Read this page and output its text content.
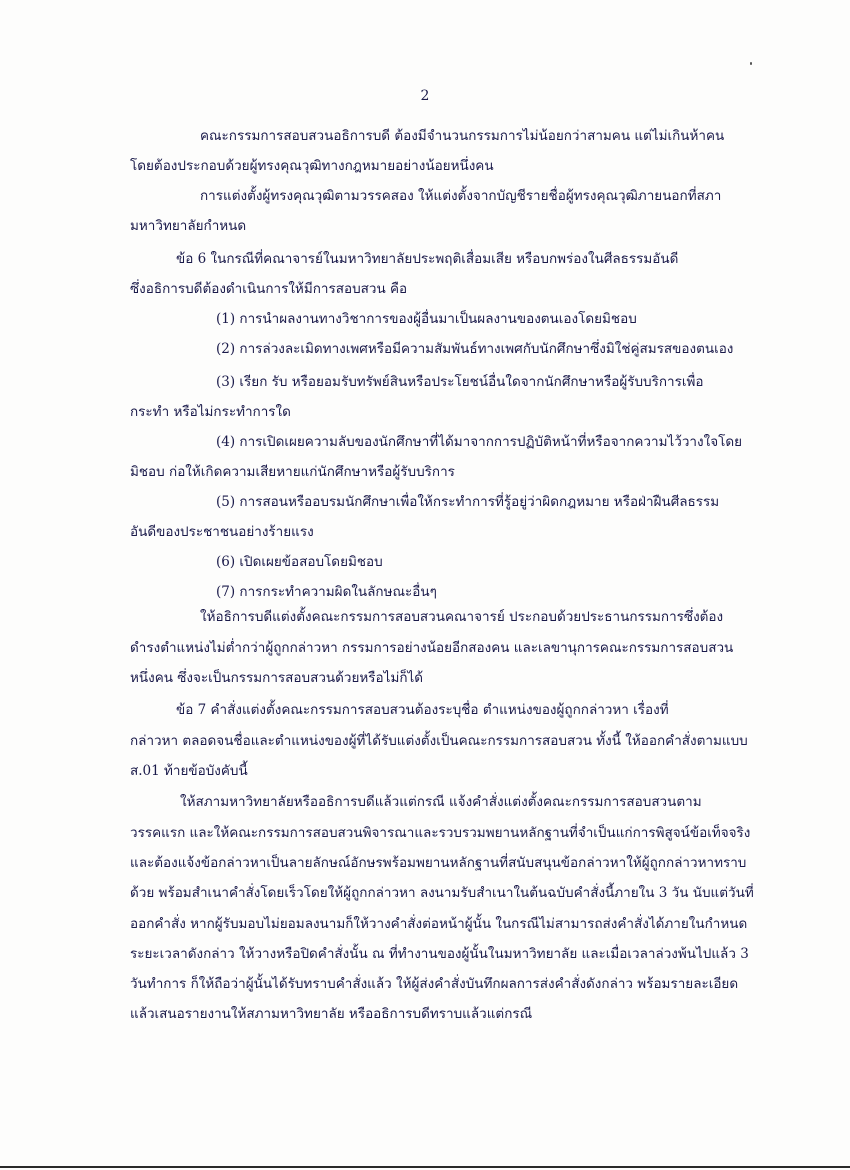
2
คณะกรรมการสอบสวนอธิการบดี ต้องมีจำนวนกรรมการไม่น้อยกว่าสามคน แต่ไม่เกินห้าคน
โดยต้องประกอบด้วยผู้ทรงคุณวุฒิทางกฎหมายอย่างน้อยหนึ่งคน
การแต่งตั้งผู้ทรงคุณวุฒิตามวรรคสอง ให้แต่งตั้งจากบัญชีรายชื่อผู้ทรงคุณวุฒิภายนอกที่สภา
มหาวิทยาลัยกำหนด
ข้อ 6 ในกรณีที่คณาจารย์ในมหาวิทยาลัยประพฤติเสื่อมเสีย หรือบกพร่องในศีลธรรมอันดี
ซึ่งอธิการบดีต้องดำเนินการให้มีการสอบสวน คือ
(1) การนำผลงานทางวิชาการของผู้อื่นมาเป็นผลงานของตนเองโดยมิชอบ
(2) การล่วงละเมิดทางเพศหรือมีความสัมพันธ์ทางเพศกับนักศึกษาซึ่งมิใช่คู่สมรสของตนเอง
(3) เรียก รับ หรือยอมรับทรัพย์สินหรือประโยชน์อื่นใดจากนักศึกษาหรือผู้รับบริการเพื่อ
กระทำ หรือไม่กระทำการใด
(4) การเปิดเผยความลับของนักศึกษาที่ได้มาจากการปฏิบัติหน้าที่หรือจากความไว้วางใจโดย
มิชอบ ก่อให้เกิดความเสียหายแก่นักศึกษาหรือผู้รับบริการ
(5) การสอนหรืออบรมนักศึกษาเพื่อให้กระทำการที่รู้อยู่ว่าผิดกฎหมาย หรือฝ่าฝืนศีลธรรม
อันดีของประชาชนอย่างร้ายแรง
(6) เปิดเผยข้อสอบโดยมิชอบ
(7) การกระทำความผิดในลักษณะอื่นๆ
ให้อธิการบดีแต่งตั้งคณะกรรมการสอบสวนคณาจารย์ ประกอบด้วยประธานกรรมการซึ่งต้อง
ดำรงตำแหน่งไม่ต่ำกว่าผู้ถูกกล่าวหา กรรมการอย่างน้อยอีกสองคน และเลขานุการคณะกรรมการสอบสวน
หนึ่งคน ซึ่งจะเป็นกรรมการสอบสวนด้วยหรือไม่ก็ได้
ข้อ 7 คำสั่งแต่งตั้งคณะกรรมการสอบสวนต้องระบุชื่อ ตำแหน่งของผู้ถูกกล่าวหา เรื่องที่
กล่าวหา ตลอดจนชื่อและตำแหน่งของผู้ที่ได้รับแต่งตั้งเป็นคณะกรรมการสอบสวน ทั้งนี้ ให้ออกคำสั่งตามแบบ
ส.01 ท้ายข้อบังคับนี้
ให้สภามหาวิทยาลัยหรืออธิการบดีแล้วแต่กรณี แจ้งคำสั่งแต่งตั้งคณะกรรมการสอบสวนตาม
วรรคแรก และให้คณะกรรมการสอบสวนพิจารณาและรวบรวมพยานหลักฐานที่จำเป็นแก่การพิสูจน์ข้อเท็จจริง
และต้องแจ้งข้อกล่าวหาเป็นลายลักษณ์อักษรพร้อมพยานหลักฐานที่สนับสนุนข้อกล่าวหาให้ผู้ถูกกล่าวหาทราบ
ด้วย พร้อมสำเนาคำสั่งโดยเร็วโดยให้ผู้ถูกกล่าวหา ลงนามรับสำเนาในต้นฉบับคำสั่งนี้ภายใน 3 วัน นับแต่วันที่
ออกคำสั่ง หากผู้รับมอบไม่ยอมลงนามก็ให้วางคำสั่งต่อหน้าผู้นั้น ในกรณีไม่สามารถส่งคำสั่งได้ภายในกำหนด
ระยะเวลาดังกล่าว ให้วางหรือปิดคำสั่งนั้น ณ ที่ทำงานของผู้นั้นในมหาวิทยาลัย และเมื่อเวลาล่วงพ้นไปแล้ว 3
วันทำการ ก็ให้ถือว่าผู้นั้นได้รับทราบคำสั่งแล้ว ให้ผู้ส่งคำสั่งบันทึกผลการส่งคำสั่งดังกล่าว พร้อมรายละเอียด
แล้วเสนอรายงานให้สภามหาวิทยาลัย หรืออธิการบดีทราบแล้วแต่กรณี
